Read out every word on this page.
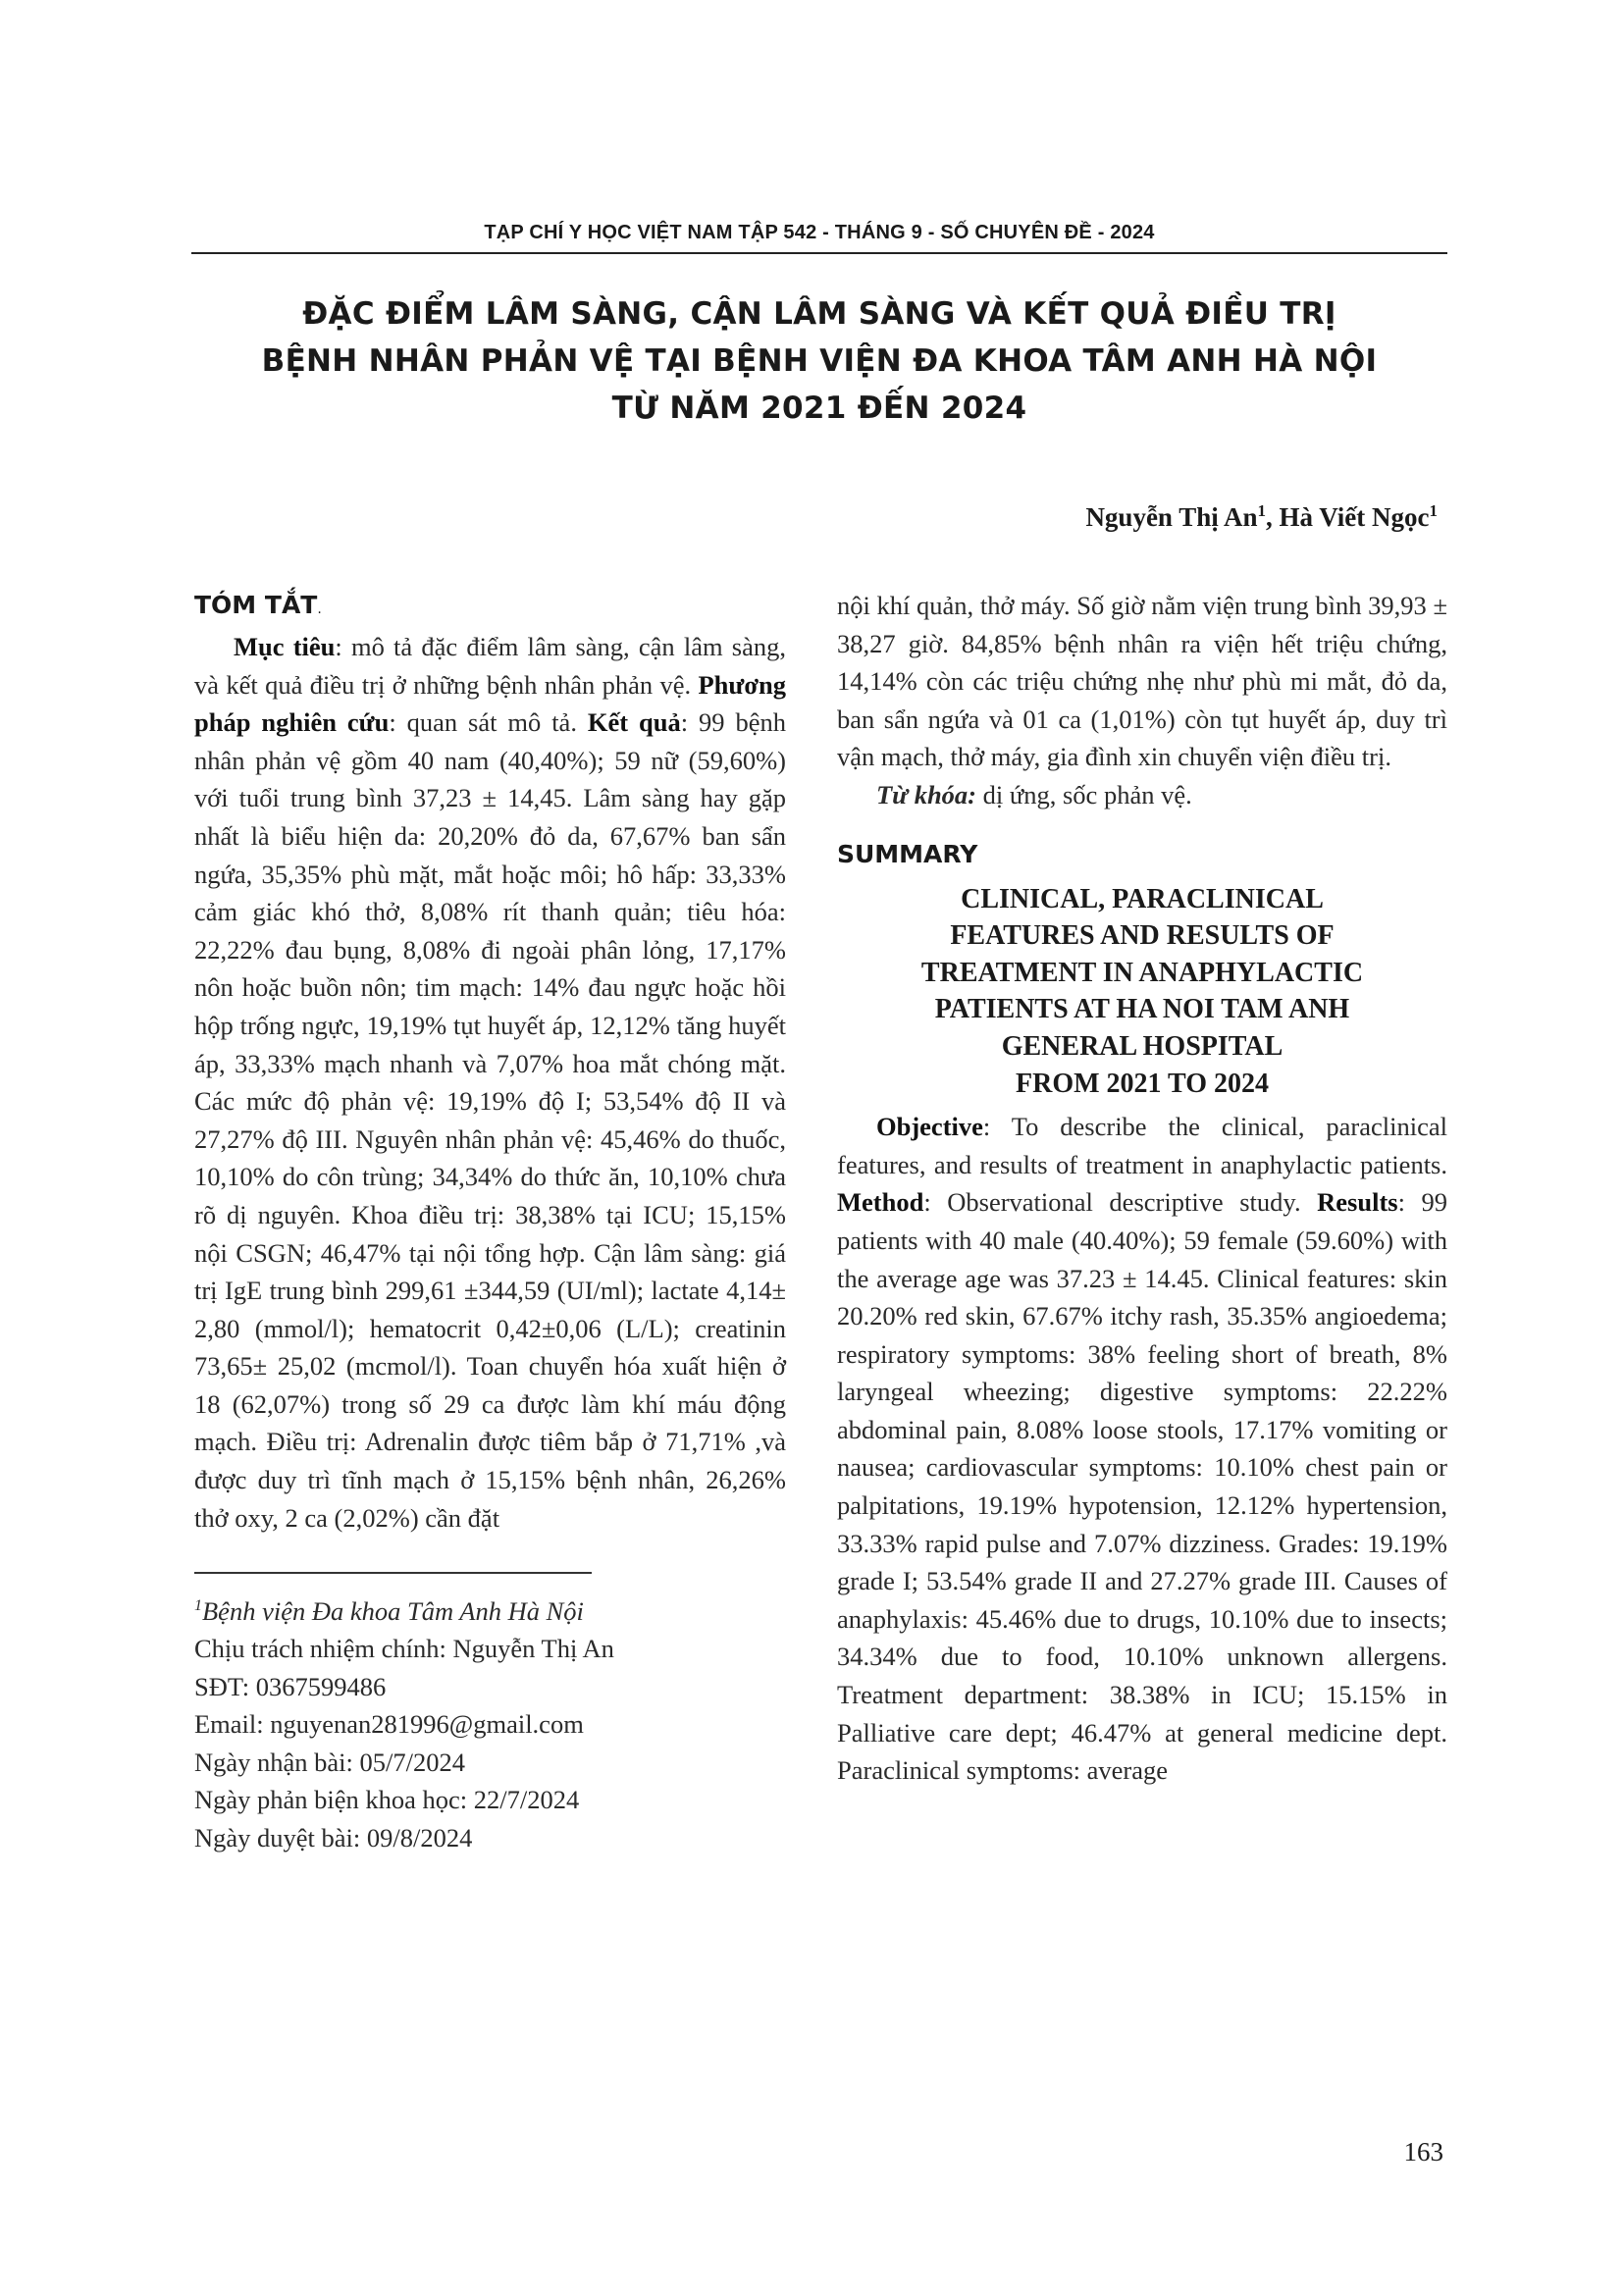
TẠP CHÍ Y HỌC VIỆT NAM TẬP 542 - THÁNG 9 - SỐ CHUYÊN ĐỀ - 2024
ĐẶC ĐIỂM LÂM SÀNG, CẬN LÂM SÀNG VÀ KẾT QUẢ ĐIỀU TRỊ
BỆNH NHÂN PHẢN VỆ TẠI BỆNH VIỆN ĐA KHOA TÂM ANH HÀ NỘI
TỪ NĂM 2021 ĐẾN 2024
Nguyễn Thị An$^1$, Hà Viết Ngọc$^1$
TÓM TẮT.

Mục tiêu: mô tả đặc điểm lâm sàng, cận lâm sàng, và kết quả điều trị ở những bệnh nhân phản vệ. Phương pháp nghiên cứu: quan sát mô tả. Kết quả: 99 bệnh nhân phản vệ gồm 40 nam (40,40%); 59 nữ (59,60%) với tuổi trung bình 37,23 ± 14,45. Lâm sàng hay gặp nhất là biểu hiện da: 20,20% đỏ da, 67,67% ban sẩn ngứa, 35,35% phù mặt, mắt hoặc môi; hô hấp: 33,33% cảm giác khó thở, 8,08% rít thanh quản; tiêu hóa: 22,22% đau bụng, 8,08% đi ngoài phân lỏng, 17,17% nôn hoặc buồn nôn; tim mạch: 14% đau ngực hoặc hồi hộp trống ngực, 19,19% tụt huyết áp, 12,12% tăng huyết áp, 33,33% mạch nhanh và 7,07% hoa mắt chóng mặt. Các mức độ phản vệ: 19,19% độ I; 53,54% độ II và 27,27% độ III. Nguyên nhân phản vệ: 45,46% do thuốc, 10,10% do côn trùng; 34,34% do thức ăn, 10,10% chưa rõ dị nguyên. Khoa điều trị: 38,38% tại ICU; 15,15% nội CSGN; 46,47% tại nội tổng hợp. Cận lâm sàng: giá trị IgE trung bình 299,61 ±344,59 (UI/ml); lactate 4,14± 2,80 (mmol/l); hematocrit 0,42±0,06 (L/L); creatinin 73,65± 25,02 (mcmol/l). Toan chuyển hóa xuất hiện ở 18 (62,07%) trong số 29 ca được làm khí máu động mạch. Điều trị: Adrenalin được tiêm bắp ở 71,71% ,và được duy trì tĩnh mạch ở 15,15% bệnh nhân, 26,26% thở oxy, 2 ca (2,02%) cần đặt

$^1$Bệnh viện Đa khoa Tâm Anh Hà Nội

Chịu trách nhiệm chính: Nguyễn Thị An

SĐT: 0367599486

Email: nguyenan281996@gmail.com

Ngày nhận bài: 05/7/2024

Ngày phản biện khoa học: 22/7/2024

Ngày duyệt bài: 09/8/2024

nội khí quản, thở máy. Số giờ nằm viện trung bình 39,93 ± 38,27 giờ. 84,85% bệnh nhân ra viện hết triệu chứng, 14,14% còn các triệu chứng nhẹ như phù mi mắt, đỏ da, ban sẩn ngứa và 01 ca (1,01%) còn tụt huyết áp, duy trì vận mạch, thở máy, gia đình xin chuyển viện điều trị.

Từ khóa: dị ứng, sốc phản vệ.

SUMMARY
CLINICAL, PARACLINICAL
FEATURES AND RESULTS OF
TREATMENT IN ANAPHYLACTIC
PATIENTS AT HA NOI TAM ANH
GENERAL HOSPITAL
FROM 2021 TO 2024

Objective: To describe the clinical, paraclinical features, and results of treatment in anaphylactic patients. Method: Observational descriptive study. Results: 99 patients with 40 male (40.40%); 59 female (59.60%) with the average age was 37.23 ± 14.45. Clinical features: skin 20.20% red skin, 67.67% itchy rash, 35.35% angioedema; respiratory symptoms: 38% feeling short of breath, 8% laryngeal wheezing; digestive symptoms: 22.22% abdominal pain, 8.08% loose stools, 17.17% vomiting or nausea; cardiovascular symptoms: 10.10% chest pain or palpitations, 19.19% hypotension, 12.12% hypertension, 33.33% rapid pulse and 7.07% dizziness. Grades: 19.19% grade I; 53.54% grade II and 27.27% grade III. Causes of anaphylaxis: 45.46% due to drugs, 10.10% due to insects; 34.34% due to food, 10.10% unknown allergens. Treatment department: 38.38% in ICU; 15.15% in Palliative care dept; 46.47% at general medicine dept. Paraclinical symptoms: average

163
